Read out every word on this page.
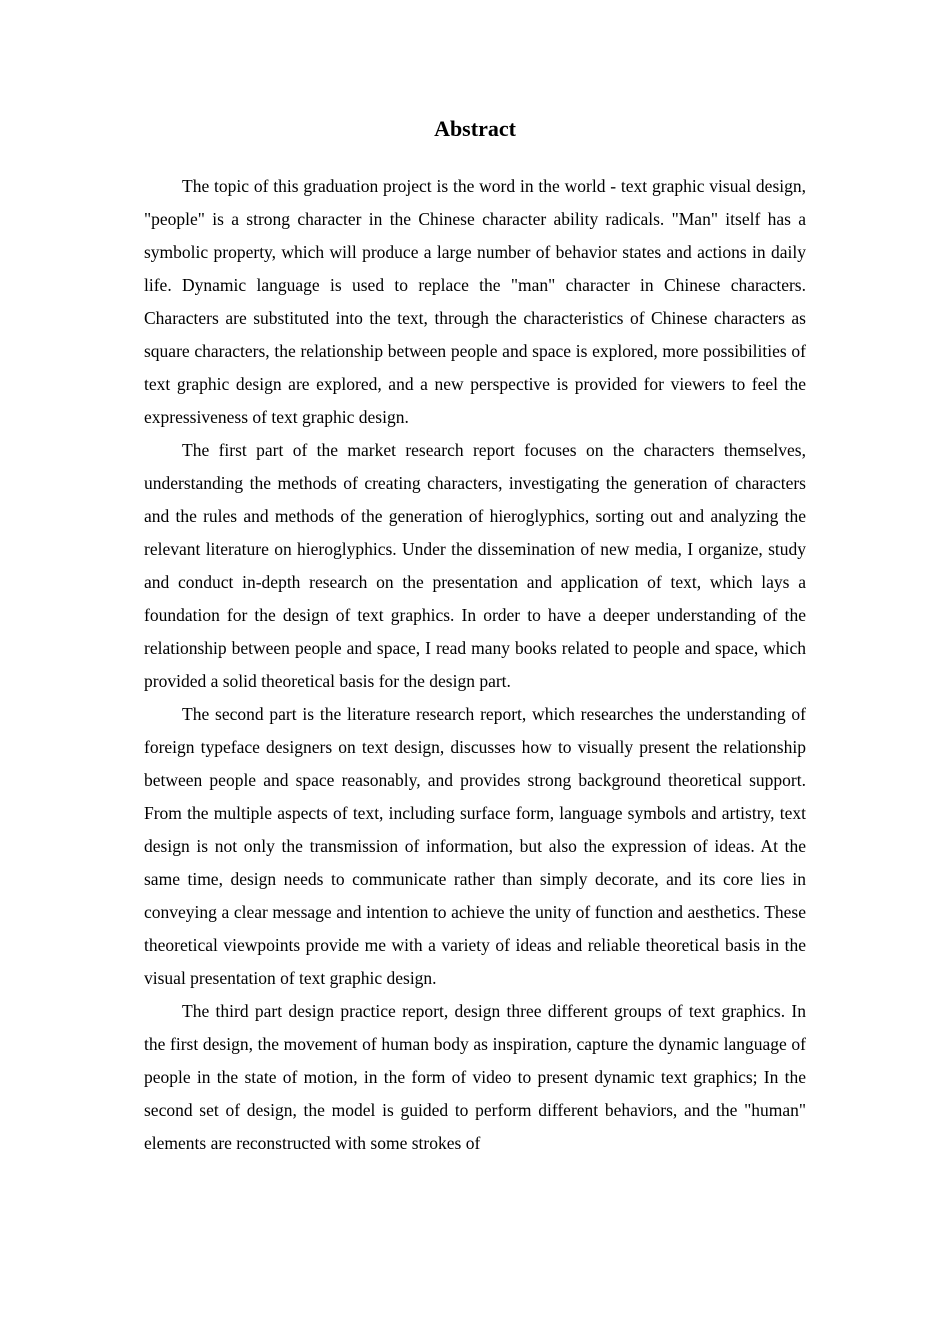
Abstract

The topic of this graduation project is the word in the world - text graphic visual design, "people" is a strong character in the Chinese character ability radicals. "Man" itself has a symbolic property, which will produce a large number of behavior states and actions in daily life. Dynamic language is used to replace the "man" character in Chinese characters. Characters are substituted into the text, through the characteristics of Chinese characters as square characters, the relationship between people and space is explored, more possibilities of text graphic design are explored, and a new perspective is provided for viewers to feel the expressiveness of text graphic design.

The first part of the market research report focuses on the characters themselves, understanding the methods of creating characters, investigating the generation of characters and the rules and methods of the generation of hieroglyphics, sorting out and analyzing the relevant literature on hieroglyphics. Under the dissemination of new media, I organize, study and conduct in-depth research on the presentation and application of text, which lays a foundation for the design of text graphics. In order to have a deeper understanding of the relationship between people and space, I read many books related to people and space, which provided a solid theoretical basis for the design part.

The second part is the literature research report, which researches the understanding of foreign typeface designers on text design, discusses how to visually present the relationship between people and space reasonably, and provides strong background theoretical support. From the multiple aspects of text, including surface form, language symbols and artistry, text design is not only the transmission of information, but also the expression of ideas. At the same time, design needs to communicate rather than simply decorate, and its core lies in conveying a clear message and intention to achieve the unity of function and aesthetics. These theoretical viewpoints provide me with a variety of ideas and reliable theoretical basis in the visual presentation of text graphic design.

The third part design practice report, design three different groups of text graphics. In the first design, the movement of human body as inspiration, capture the dynamic language of people in the state of motion, in the form of video to present dynamic text graphics; In the second set of design, the model is guided to perform different behaviors, and the "human" elements are reconstructed with some strokes of
